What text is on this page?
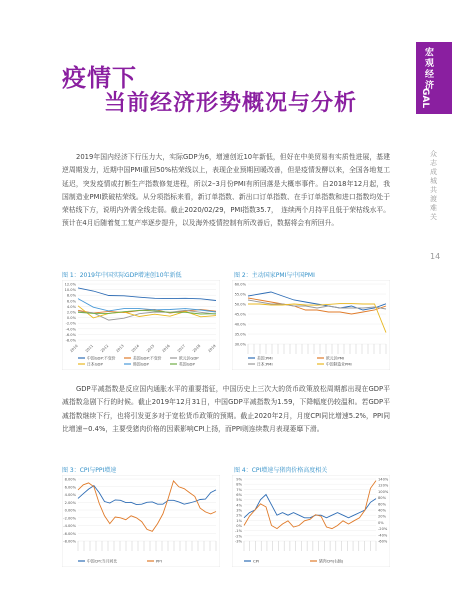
宏观经济
GAL
众志成城 共渡难关
14
疫情下
当前经济形势概况与分析
2019年国内经济下行压力大，实际GDP为6，增速创近10年新低，但好在中美贸易有实质性进展，基建逆周期发力，近期中国PMI重回50%枯荣线以上，表现企业预期回暖改善，但是疫情发酵以来，全国各地复工延迟，突发疫情或打断生产指数修复进程，所以2–3月份PMI有所回落是大概率事件。自2018年12月起，我国制造业PMI跌破枯荣线。从分项指标来看，新订单指数、新出口订单指数、在手订单指数和进口指数均处于荣枯线下方，说明内外需全线走弱。截止2020/02/29，PMI指数35.7，　连续两个月持平且低于荣枯线水平。预计在4月后随着复工复产率逐步提升，以及海外疫情控制有所改善后，数据将会有所回升。
图 1：2019年中国实际GDP增速创10年新低
12.0%
10.0%
8.0%
6.0%
4.0%
2.0%
0.0%
-2.0%
-4.0%
-6.0%
-8.0%
2010 2011 2012 2013 2014 2015 2016 2017 2018 2019
中国GDP:不变价	美国GDP:不变价	欧元区GDP
日本GDP	韩国GDP	英国GDP
图 2：主动国家PMI与中国PMI
60.0%
55.0%
50.0%
45.0%
40.0%
35.0%
30.0%
美国:PMI	欧元区PMI
日本:PMI	中国制造业PMI
GDP平减指数是反应国内通胀水平的重要指征，中国历史上三次大的货币政策放松周期都出现在GDP平减指数急剧下行的时候。截止2019年12月31日，中国GDP平减指数为1.59，下降幅度仍较温和。若GDP平减指数继续下行，也将引发更多对于宽松货币政策的预期。截止2020年2月，月度CPI同比增速5.2%，PPI同比增速−0.4%，主要受猪肉价格的因素影响CPI上扬，而PPI则连续数月表现萎靡下滑。
图 3：CPI与PPI增速
8.00%
6.00%
4.00%
2.00%
0.00%
-2.00%
-4.00%
-6.00%
-8.00%
中国CPI:当月同比	PPI
图 4：CPI增速与猪肉价格高度相关
9%
8%
7%
6%
5%
4%
3%
2%
1%
0%
-1%
-2%
-3%
140%
120%
100%
80%
60%
40%
20%
0%
-20%
-40%
-60%
CPI	猪肉CPI(右轴)
